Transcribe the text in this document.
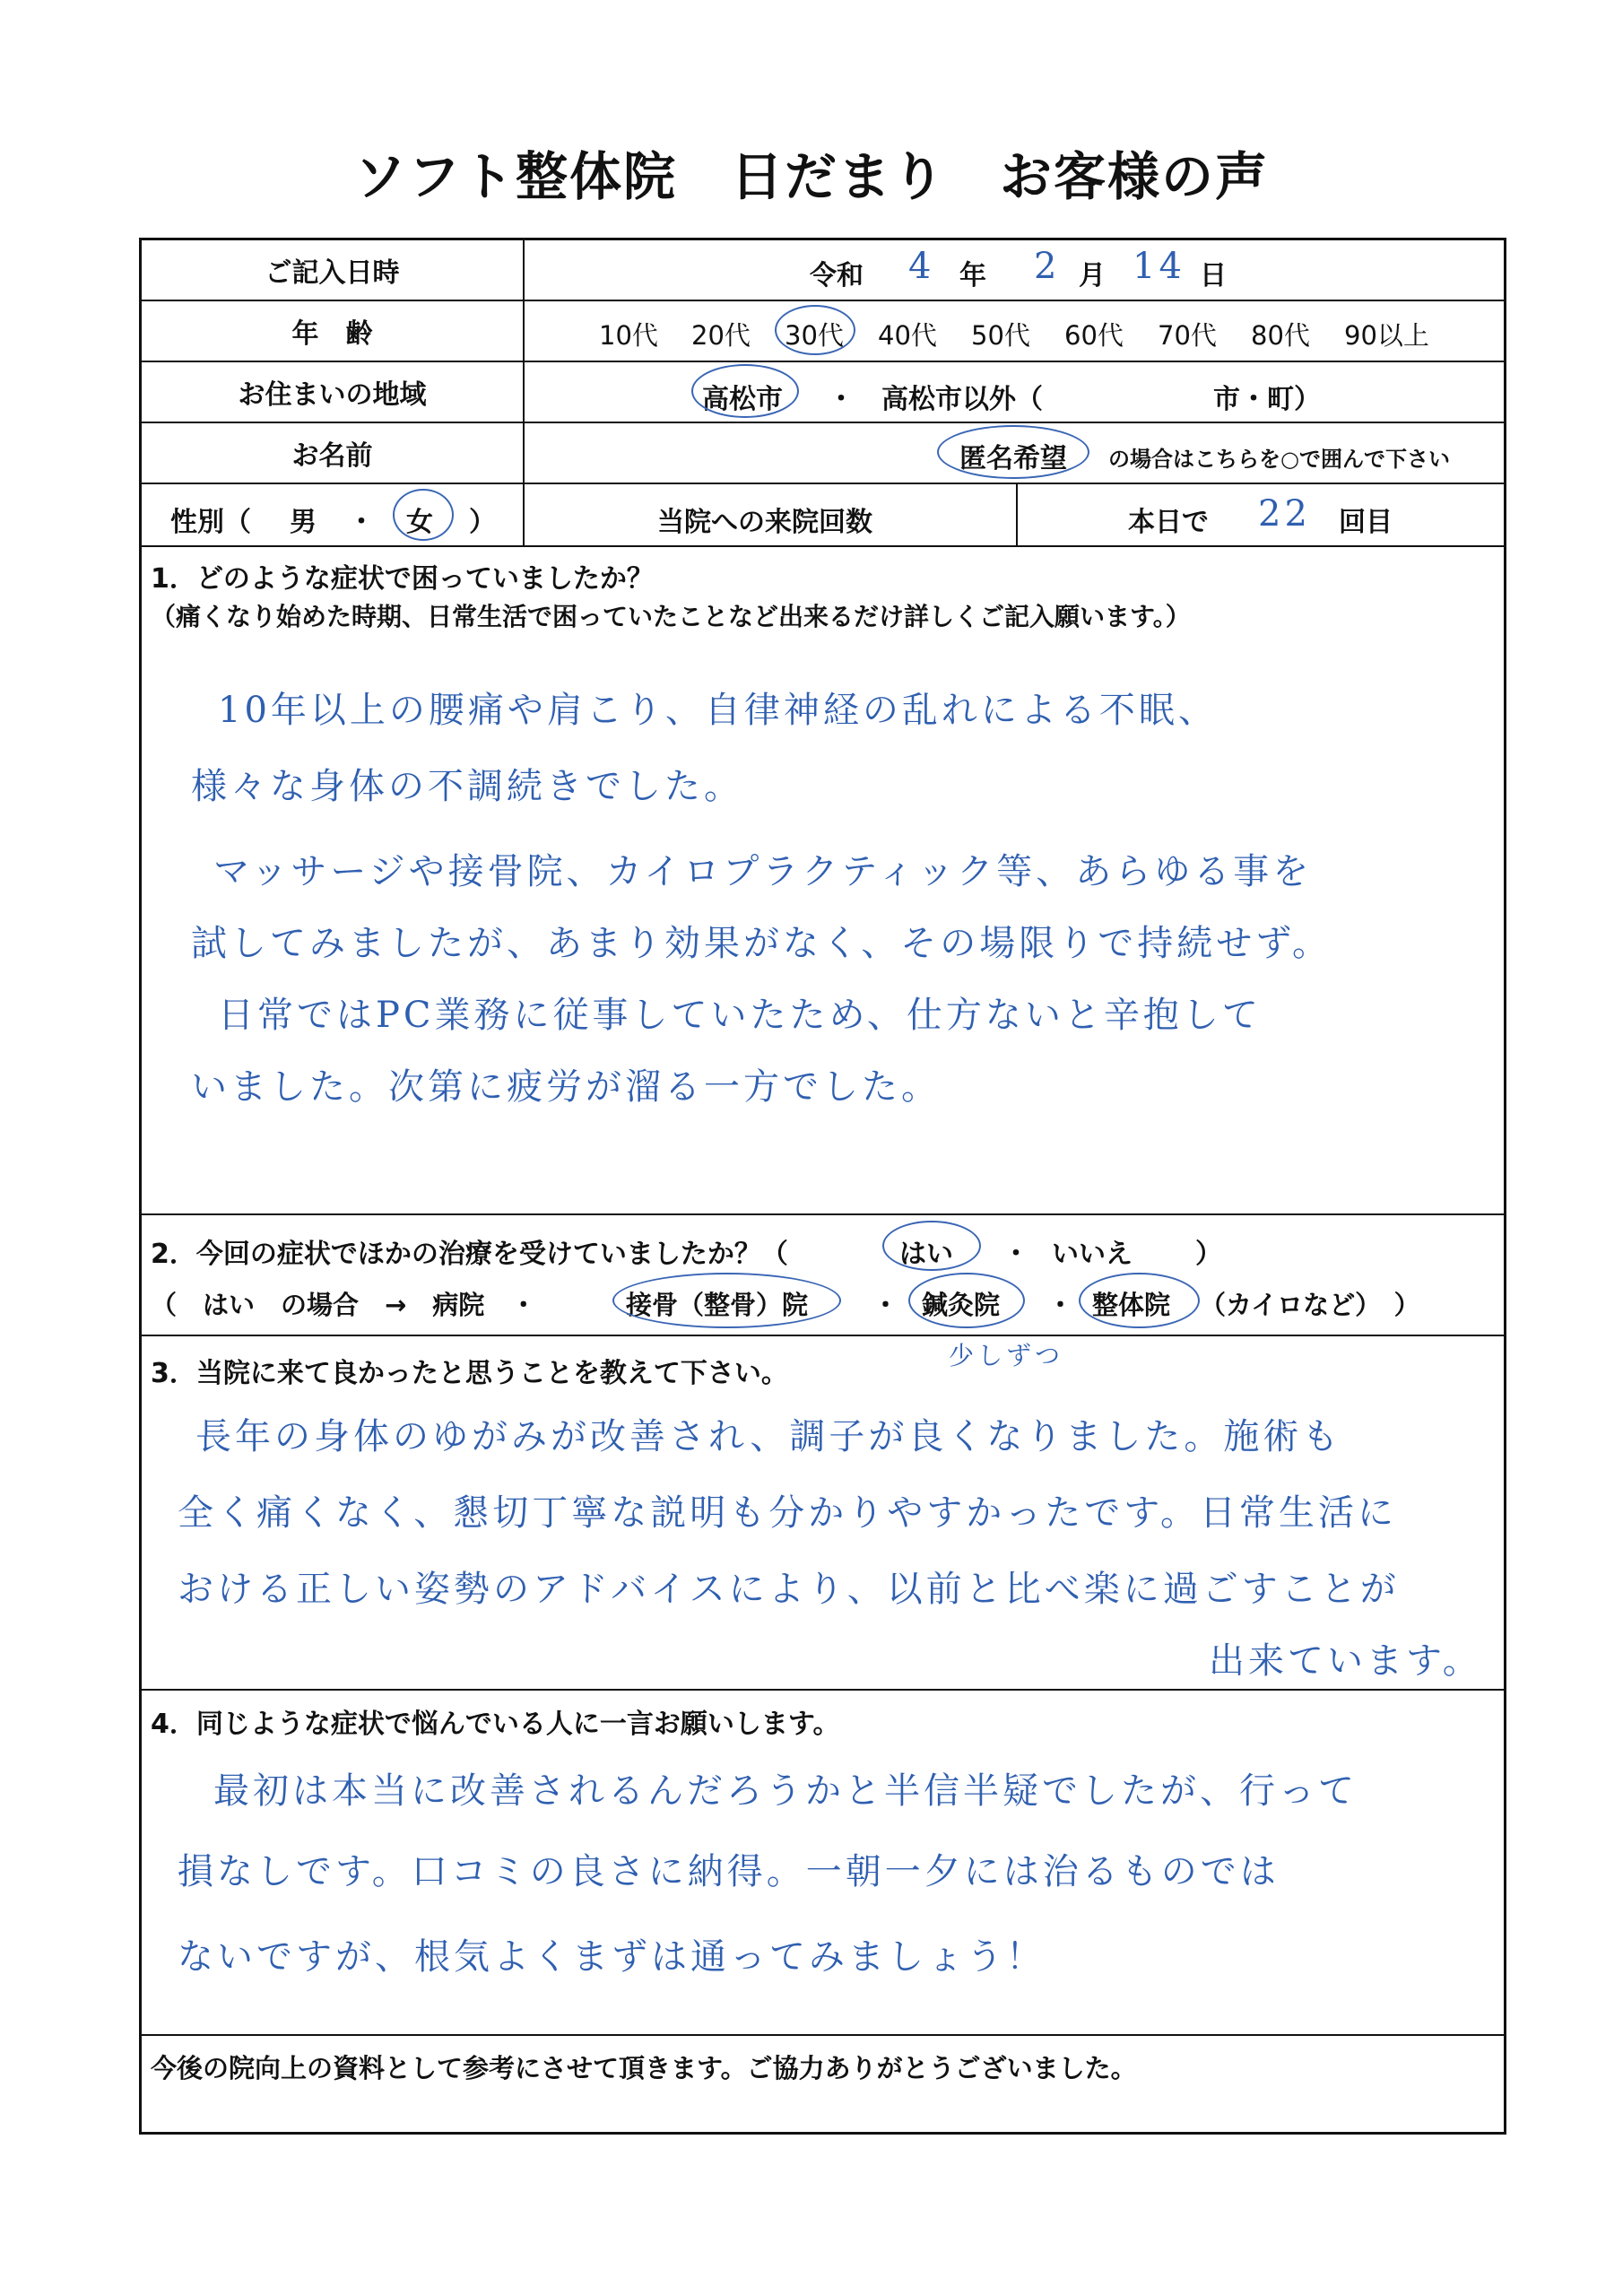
ソフト整体院　日だまり　お客様の声
ご記入日時	令和 4 年 2 月 14 日
年　齢	10代 20代 30代 40代 50代 60代 70代 80代 90以上
お住まいの地域	高松市 ・ 高松市以外（	市・町）
お名前	匿名希望 の場合はこちらを○で囲んで下さい
性別（ 男 ・ 女 ）	当院への来院回数	本日で 22 回目
1．どのような症状で困っていましたか？
（痛くなり始めた時期、日常生活で困っていたことなど出来るだけ詳しくご記入願います。）
10年以上の腰痛や肩こり、自律神経の乱れによる不眠、
様々な身体の不調続きでした。
マッサージや接骨院、カイロプラクティック等、あらゆる事を
試してみましたが、あまり効果がなく、その場限りで持続せず。
日常ではPC業務に従事していたため、仕方ないと辛抱して
いました。次第に疲労が溜る一方でした。
2．今回の症状でほかの治療を受けていましたか？（	はい ・ いいえ ）
（　はい　の場合　→　病院　・	接骨（整骨）院 ・ 鍼灸院 ・ 整体院 （カイロなど）　）
3．当院に来て良かったと思うことを教えて下さい。
少しずつ
長年の身体のゆがみが改善され、調子が良くなりました。施術も
全く痛くなく、懇切丁寧な説明も分かりやすかったです。日常生活に
おける正しい姿勢のアドバイスにより、以前と比べ楽に過ごすことが
出来ています。
4．同じような症状で悩んでいる人に一言お願いします。
最初は本当に改善されるんだろうかと半信半疑でしたが、行って
損なしです。口コミの良さに納得。一朝一夕には治るものでは
ないですが、根気よくまずは通ってみましょう！
今後の院向上の資料として参考にさせて頂きます。ご協力ありがとうございました。
